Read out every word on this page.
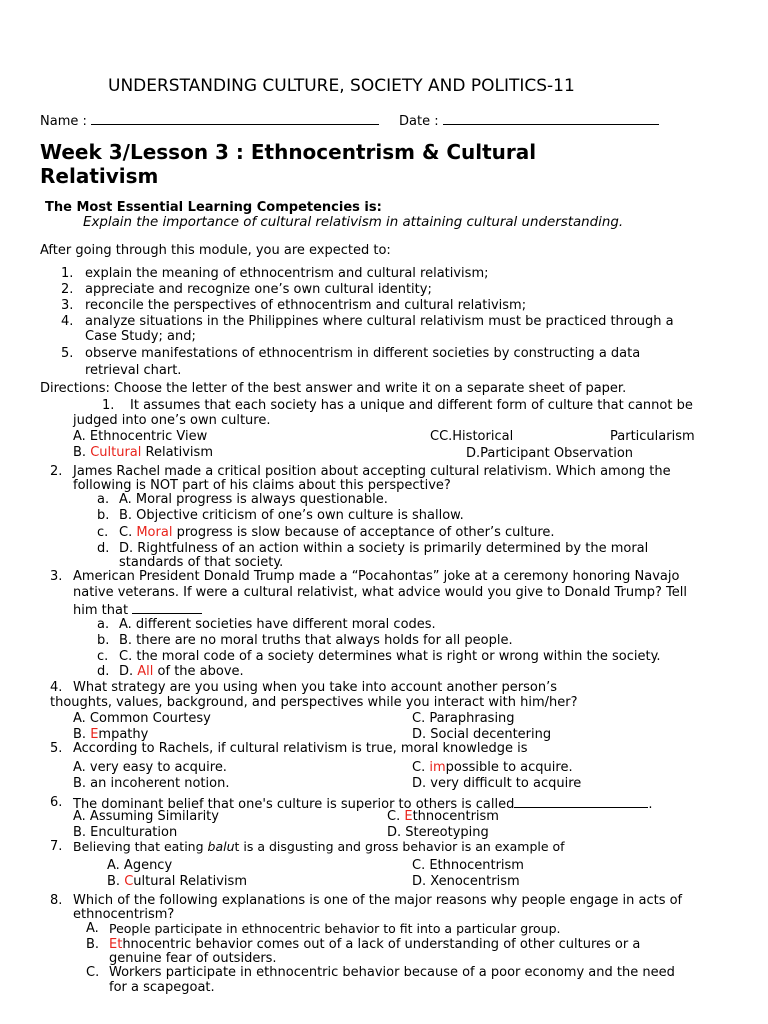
UNDERSTANDING CULTURE, SOCIETY AND POLITICS-11
Name :	Date :
Week 3/Lesson 3 : Ethnocentrism & Cultural
Relativism
The Most Essential Learning Competencies is:
Explain the importance of cultural relativism in attaining cultural understanding.
After going through this module, you are expected to:
1. explain the meaning of ethnocentrism and cultural relativism;
2. appreciate and recognize one’s own cultural identity;
3. reconcile the perspectives of ethnocentrism and cultural relativism;
4. analyze situations in the Philippines where cultural relativism must be practiced through a
Case Study; and;
5. observe manifestations of ethnocentrism in different societies by constructing a data
retrieval chart.
Directions: Choose the letter of the best answer and write it on a separate sheet of paper.
1. It assumes that each society has a unique and different form of culture that cannot be
judged into one’s own culture.
A. Ethnocentric View	CC.Historical	Particularism
B. Cultural Relativism	D.Participant Observation
2. James Rachel made a critical position about accepting cultural relativism. Which among the
following is NOT part of his claims about this perspective?
a. A. Moral progress is always questionable.
b. B. Objective criticism of one’s own culture is shallow.
c. C. Moral progress is slow because of acceptance of other’s culture.
d. D. Rightfulness of an action within a society is primarily determined by the moral
standards of that society.
3. American President Donald Trump made a “Pocahontas” joke at a ceremony honoring Navajo
native veterans. If were a cultural relativist, what advice would you give to Donald Trump? Tell
him that
a. A. different societies have different moral codes.
b. B. there are no moral truths that always holds for all people.
c. C. the moral code of a society determines what is right or wrong within the society.
d. D. All of the above.
4. What strategy are you using when you take into account another person’s
thoughts, values, background, and perspectives while you interact with him/her?
A. Common Courtesy	C. Paraphrasing
B. Empathy	D. Social decentering
5. According to Rachels, if cultural relativism is true, moral knowledge is
A. very easy to acquire.	C. impossible to acquire.
B. an incoherent notion.	D. very difficult to acquire
6. The dominant belief that one's culture is superior to others is called	.
A. Assuming Similarity	C. Ethnocentrism
B. Enculturation	D. Stereotyping
7. Believing that eating balut is a disgusting and gross behavior is an example of
A. Agency	C. Ethnocentrism
B. Cultural Relativism	D. Xenocentrism
8. Which of the following explanations is one of the major reasons why people engage in acts of
ethnocentrism?
A. People participate in ethnocentric behavior to fit into a particular group.
B. Ethnocentric behavior comes out of a lack of understanding of other cultures or a
genuine fear of outsiders.
C. Workers participate in ethnocentric behavior because of a poor economy and the need
for a scapegoat.
